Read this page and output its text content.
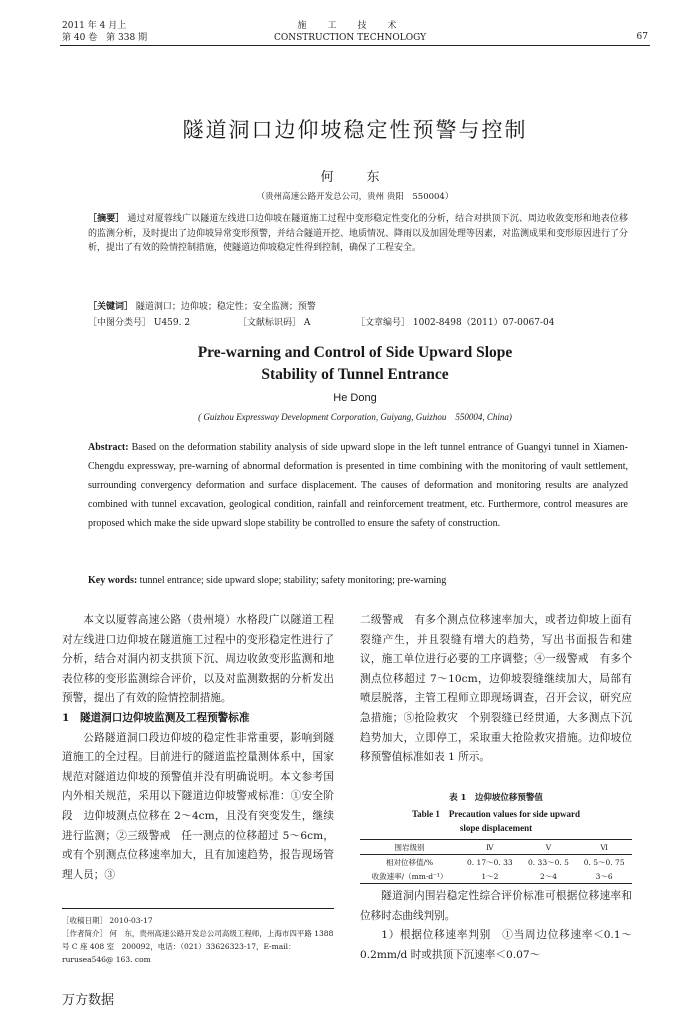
2011 年 4 月上
第 40 卷　第 338 期
施　工　技　术
CONSTRUCTION TECHNOLOGY	67
隧道洞口边仰坡稳定性预警与控制
何　东
（贵州高速公路开发总公司，贵州 贵阳　550004）
［摘要］ 通过对厦蓉线广以隧道左线进口边仰坡在隧道施工过程中变形稳定性变化的分析，结合对拱顶下沉、周边收敛变形和地表位移的监测分析，及时提出了边仰坡异常变形预警，并结合隧道开挖、地质情况、降雨以及加固处理等因素，对监测成果和变形原因进行了分析，提出了有效的险情控制措施，使隧道边仰坡稳定性得到控制，确保了工程安全。
［关键词］ 隧道洞口；边仰坡；稳定性；安全监测；预警
［中图分类号］ U459. 2	［文献标识码］ A	［文章编号］ 1002-8498（2011）07-0067-04
Pre-warning and Control of Side Upward Slope
Stability of Tunnel Entrance
He Dong
( Guizhou Expressway Development Corporation, Guiyang, Guizhou　550004, China)
Abstract: Based on the deformation stability analysis of side upward slope in the left tunnel entrance of Guangyi tunnel in Xiamen-Chengdu expressway, pre-warning of abnormal deformation is presented in time combining with the monitoring of vault settlement, surrounding convergency deformation and surface displacement. The causes of deformation and monitoring results are analyzed combined with tunnel excavation, geological condition, rainfall and reinforcement treatment, etc. Furthermore, control measures are proposed which make the side upward slope stability be controlled to ensure the safety of construction.
Key words: tunnel entrance; side upward slope; stability; safety monitoring; pre-warning

本文以厦蓉高速公路（贵州境）水格段广以隧道工程对左线进口边仰坡在隧道施工过程中的变形稳定性进行了分析，结合对洞内初支拱顶下沉、周边收敛变形监测和地表位移的变形监测综合评价，以及对监测数据的分析发出预警，提出了有效的险情控制措施。

1　隧道洞口边仰坡监测及工程预警标准

公路隧道洞口段边仰坡的稳定性非常重要，影响到隧道施工的全过程。目前进行的隧道监控量测体系中，国家规范对隧道边仰坡的预警值并没有明确说明。本文参考国内外相关规范，采用以下隧道边仰坡警戒标准：①安全阶段　边仰坡测点位移在 2～4cm，且没有突变发生，继续进行监测；②三级警戒　任一测点的位移超过 5～6cm，或有个别测点位移速率加大，且有加速趋势，报告现场管理人员；③

二级警戒　有多个测点位移速率加大，或者边仰坡上面有裂缝产生，并且裂缝有增大的趋势，写出书面报告和建议，施工单位进行必要的工序调整；④一级警戒　有多个测点位移超过 7～10cm，边仰坡裂缝继续加大，局部有喷层脱落，主管工程师立即现场调查，召开会议，研究应急措施；⑤抢险救灾　个别裂缝已经贯通，大多测点下沉趋势加大，立即停工，采取重大抢险救灾措施。边仰坡位移预警值标准如表 1 所示。

表 1　边仰坡位移预警值
Table 1　Precaution values for side upward
slope displacement
围岩级别	Ⅳ	Ⅴ	Ⅵ
相对位移值/%	0. 17～0. 33	0. 33～0. 5	0. 5～0. 75
收敛速率/（mm·d⁻¹）	1～2	2～4	3～6

隧道洞内围岩稳定性综合评价标准可根据位移速率和位移时态曲线判别。

1）根据位移速率判别　①当周边位移速率＜0.1～0.2mm/d 时或拱顶下沉速率＜0.07～

［收稿日期］ 2010-03-17

［作者简介］ 何　东，贵州高速公路开发总公司高级工程师，上海市四平路 1388 号 C 座 408 室　200092，电话：（021）33626323-17，E-mail：rurusea546@ 163. com

万方数据
